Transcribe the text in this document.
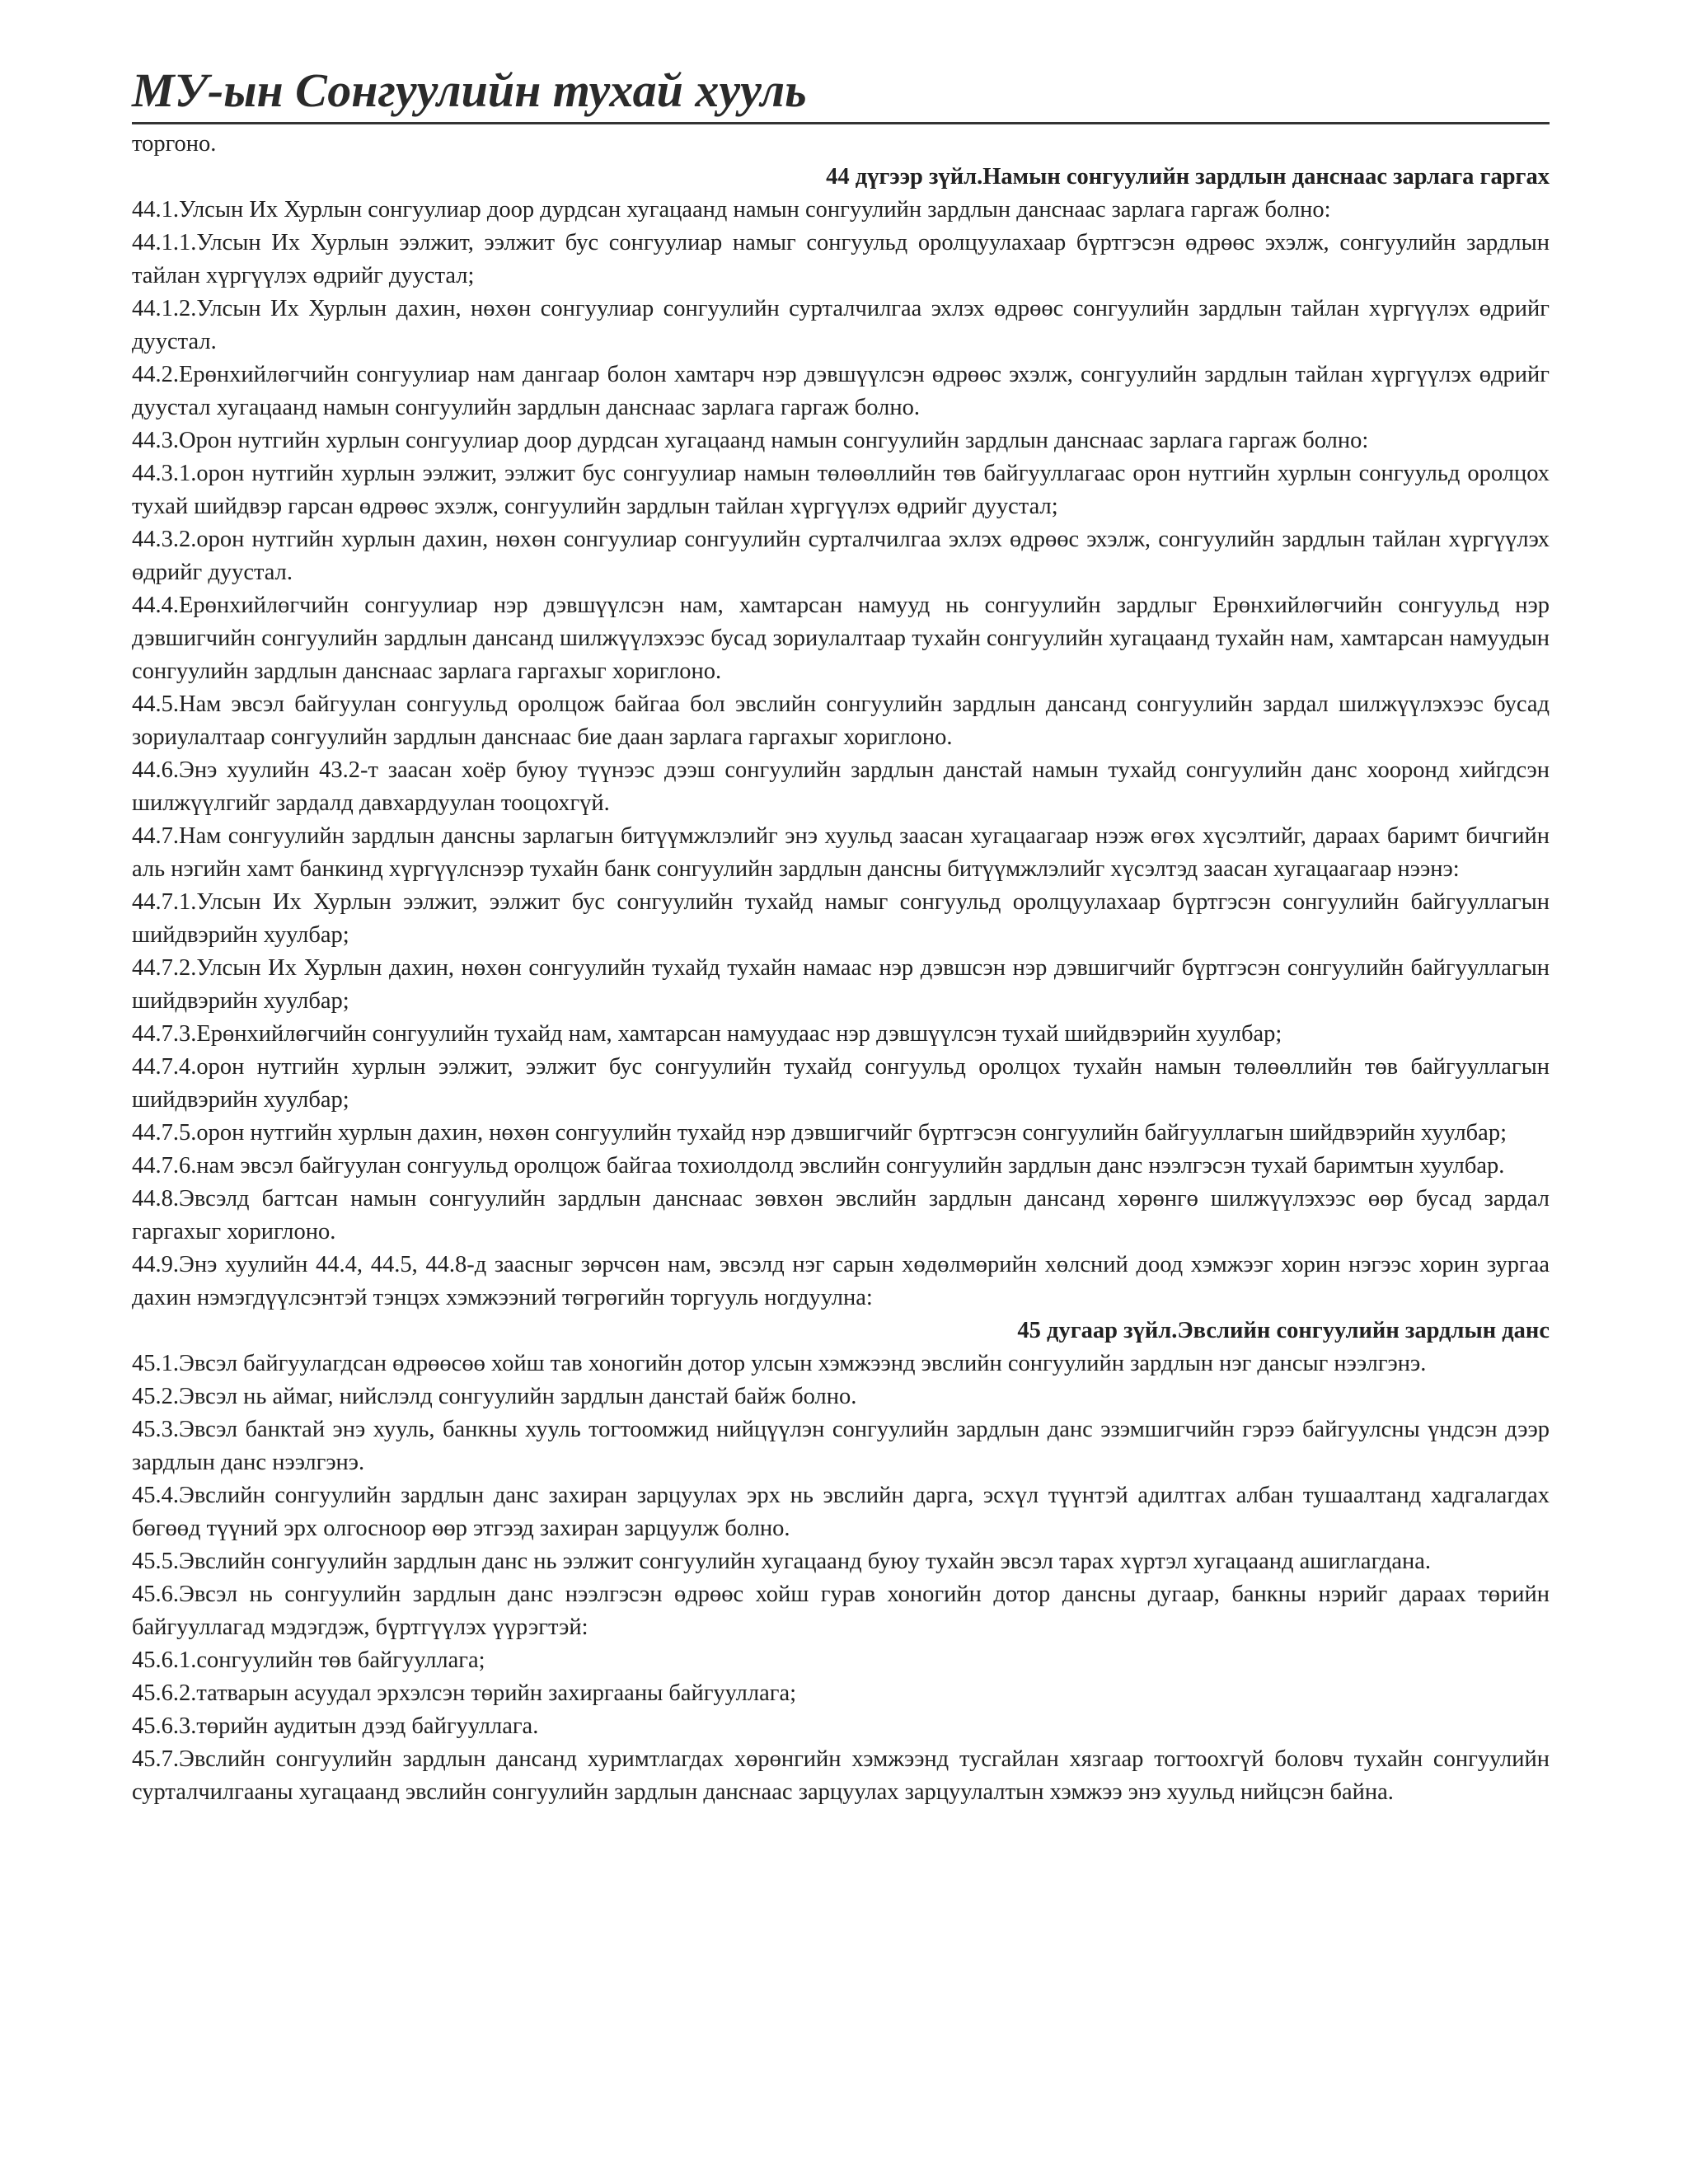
МУ-ын Сонгуулийн тухай хууль

торгоно.

44 дүгээр зүйл.Намын сонгуулийн зардлын данснаас зарлага гаргах

44.1.Улсын Их Хурлын сонгуулиар доор дурдсан хугацаанд намын сонгуулийн зардлын данснаас зарлага гаргаж болно:

44.1.1.Улсын Их Хурлын ээлжит, ээлжит бус сонгуулиар намыг сонгуульд оролцуулахаар бүртгэсэн өдрөөс эхэлж, сонгуулийн зардлын тайлан хүргүүлэх өдрийг дуустал;

44.1.2.Улсын Их Хурлын дахин, нөхөн сонгуулиар сонгуулийн сурталчилгаа эхлэх өдрөөс сонгуулийн зардлын тайлан хүргүүлэх өдрийг дуустал.

44.2.Ерөнхийлөгчийн сонгуулиар нам дангаар болон хамтарч нэр дэвшүүлсэн өдрөөс эхэлж, сонгуулийн зардлын тайлан хүргүүлэх өдрийг дуустал хугацаанд намын сонгуулийн зардлын данснаас зарлага гаргаж болно.

44.3.Орон нутгийн хурлын сонгуулиар доор дурдсан хугацаанд намын сонгуулийн зардлын данснаас зарлага гаргаж болно:

44.3.1.орон нутгийн хурлын ээлжит, ээлжит бус сонгуулиар намын төлөөллийн төв байгууллагаас орон нутгийн хурлын сонгуульд оролцох тухай шийдвэр гарсан өдрөөс эхэлж, сонгуулийн зардлын тайлан хүргүүлэх өдрийг дуустал;

44.3.2.орон нутгийн хурлын дахин, нөхөн сонгуулиар сонгуулийн сурталчилгаа эхлэх өдрөөс эхэлж, сонгуулийн зардлын тайлан хүргүүлэх өдрийг дуустал.

44.4.Ерөнхийлөгчийн сонгуулиар нэр дэвшүүлсэн нам, хамтарсан намууд нь сонгуулийн зардлыг Ерөнхийлөгчийн сонгуульд нэр дэвшигчийн сонгуулийн зардлын дансанд шилжүүлэхээс бусад зориулалтаар тухайн сонгуулийн хугацаанд тухайн нам, хамтарсан намуудын сонгуулийн зардлын данснаас зарлага гаргахыг хориглоно.

44.5.Нам эвсэл байгуулан сонгуульд оролцож байгаа бол эвслийн сонгуулийн зардлын дансанд сонгуулийн зардал шилжүүлэхээс бусад зориулалтаар сонгуулийн зардлын данснаас бие даан зарлага гаргахыг хориглоно.

44.6.Энэ хуулийн 43.2-т заасан хоёр буюу түүнээс дээш сонгуулийн зардлын данстай намын тухайд сонгуулийн данс хооронд хийгдсэн шилжүүлгийг зардалд давхардуулан тооцохгүй.

44.7.Нам сонгуулийн зардлын дансны зарлагын битүүмжлэлийг энэ хуульд заасан хугацаагаар нээж өгөх хүсэлтийг, дараах баримт бичгийн аль нэгийн хамт банкинд хүргүүлснээр тухайн банк сонгуулийн зардлын дансны битүүмжлэлийг хүсэлтэд заасан хугацаагаар нээнэ:

44.7.1.Улсын Их Хурлын ээлжит, ээлжит бус сонгуулийн тухайд намыг сонгуульд оролцуулахаар бүртгэсэн сонгуулийн байгууллагын шийдвэрийн хуулбар;

44.7.2.Улсын Их Хурлын дахин, нөхөн сонгуулийн тухайд тухайн намаас нэр дэвшсэн нэр дэвшигчийг бүртгэсэн сонгуулийн байгууллагын шийдвэрийн хуулбар;

44.7.3.Ерөнхийлөгчийн сонгуулийн тухайд нам, хамтарсан намуудаас нэр дэвшүүлсэн тухай шийдвэрийн хуулбар;

44.7.4.орон нутгийн хурлын ээлжит, ээлжит бус сонгуулийн тухайд сонгуульд оролцох тухайн намын төлөөллийн төв байгууллагын шийдвэрийн хуулбар;

44.7.5.орон нутгийн хурлын дахин, нөхөн сонгуулийн тухайд нэр дэвшигчийг бүртгэсэн сонгуулийн байгууллагын шийдвэрийн хуулбар;

44.7.6.нам эвсэл байгуулан сонгуульд оролцож байгаа тохиолдолд эвслийн сонгуулийн зардлын данс нээлгэсэн тухай баримтын хуулбар.

44.8.Эвсэлд багтсан намын сонгуулийн зардлын данснаас зөвхөн эвслийн зардлын дансанд хөрөнгө шилжүүлэхээс өөр бусад зардал гаргахыг хориглоно.

44.9.Энэ хуулийн 44.4, 44.5, 44.8-д заасныг зөрчсөн нам, эвсэлд нэг сарын хөдөлмөрийн хөлсний доод хэмжээг хорин нэгээс хорин зургаа дахин нэмэгдүүлсэнтэй тэнцэх хэмжээний төгрөгийн торгууль ногдуулна:

45 дугаар зүйл.Эвслийн сонгуулийн зардлын данс

45.1.Эвсэл байгуулагдсан өдрөөсөө хойш тав хоногийн дотор улсын хэмжээнд эвслийн сонгуулийн зардлын нэг дансыг нээлгэнэ.

45.2.Эвсэл нь аймаг, нийслэлд сонгуулийн зардлын данстай байж болно.

45.3.Эвсэл банктай энэ хууль, банкны хууль тогтоомжид нийцүүлэн сонгуулийн зардлын данс эзэмшигчийн гэрээ байгуулсны үндсэн дээр зардлын данс нээлгэнэ.

45.4.Эвслийн сонгуулийн зардлын данс захиран зарцуулах эрх нь эвслийн дарга, эсхүл түүнтэй адилтгах албан тушаалтанд хадгалагдах бөгөөд түүний эрх олгосноор өөр этгээд захиран зарцуулж болно.

45.5.Эвслийн сонгуулийн зардлын данс нь ээлжит сонгуулийн хугацаанд буюу тухайн эвсэл тарах хүртэл хугацаанд ашиглагдана.

45.6.Эвсэл нь сонгуулийн зардлын данс нээлгэсэн өдрөөс хойш гурав хоногийн дотор дансны дугаар, банкны нэрийг дараах төрийн байгууллагад мэдэгдэж, бүртгүүлэх үүрэгтэй:

45.6.1.сонгуулийн төв байгууллага;

45.6.2.татварын асуудал эрхэлсэн төрийн захиргааны байгууллага;

45.6.3.төрийн аудитын дээд байгууллага.

45.7.Эвслийн сонгуулийн зардлын дансанд хуримтлагдах хөрөнгийн хэмжээнд тусгайлан хязгаар тогтоохгүй боловч тухайн сонгуулийн сурталчилгааны хугацаанд эвслийн сонгуулийн зардлын данснаас зарцуулах зарцуулалтын хэмжээ энэ хуульд нийцсэн байна.
